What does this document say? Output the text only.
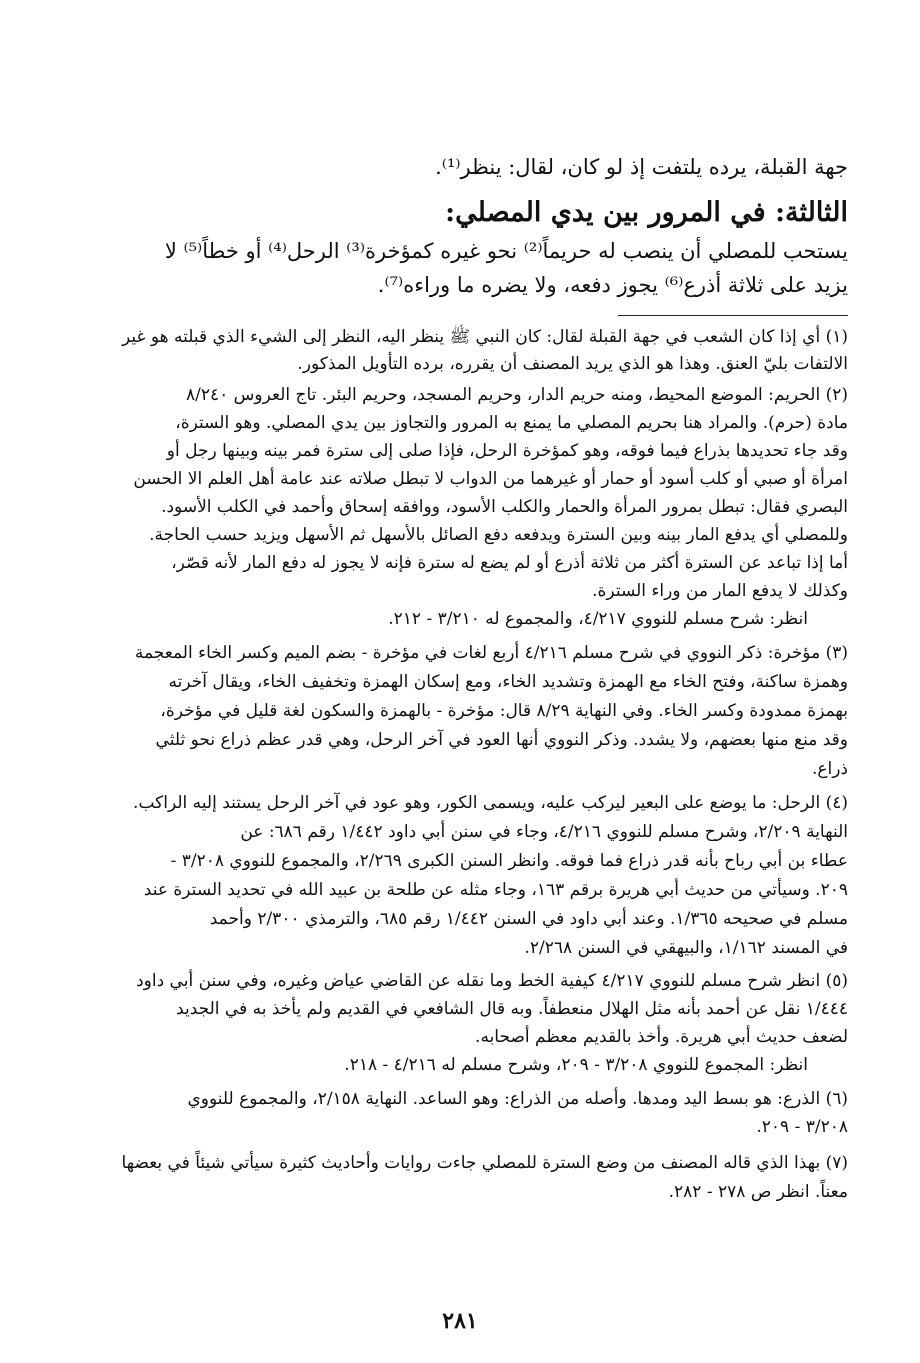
جهة القبلة، يرده يلتفت إذ لو كان، لقال: ينظر⁽¹⁾.
الثالثة: في المرور بين يدي المصلي:
يستحب للمصلي أن ينصب له حريماً⁽²⁾ نحو غيره كمؤخرة⁽³⁾ الرحل⁽⁴⁾ أو خطاً⁽⁵⁾ لا
يزيد على ثلاثة أذرع⁽⁶⁾ يجوز دفعه، ولا يضره ما وراءه⁽⁷⁾.
(١) أي إذا كان الشعب في جهة القبلة لقال: كان النبي ﷺ ينظر اليه، النظر إلى الشيء الذي قبلته هو غير
الالتفات بليّ العنق. وهذا هو الذي يريد المصنف أن يقرره، برده التأويل المذكور.
(٢) الحريم: الموضع المحيط، ومنه حريم الدار، وحريم المسجد، وحريم البئر. تاج العروس ٨/٢٤٠
مادة (حرم). والمراد هنا بحريم المصلي ما يمنع به المرور والتجاوز بين يدي المصلي. وهو السترة،
وقد جاء تحديدها بذراع فيما فوقه، وهو كمؤخرة الرحل، فإذا صلى إلى سترة فمر بينه وبينها رجل أو
امرأة أو صبي أو كلب أسود أو حمار أو غيرهما من الدواب لا تبطل صلاته عند عامة أهل العلم الا الحسن
البصري فقال: تبطل بمرور المرأة والحمار والكلب الأسود، ووافقه إسحاق وأحمد في الكلب الأسود.
وللمصلي أي يدفع المار بينه وبين السترة ويدفعه دفع الصائل بالأسهل ثم الأسهل ويزيد حسب الحاجة.
أما إذا تباعد عن السترة أكثر من ثلاثة أذرع أو لم يضع له سترة فإنه لا يجوز له دفع المار لأنه قصّر،
وكذلك لا يدفع المار من وراء السترة.
انظر: شرح مسلم للنووي ٤/٢١٧، والمجموع له ٣/٢١٠ - ٢١٢.
(٣) مؤخرة: ذكر النووي في شرح مسلم ٤/٢١٦ أربع لغات في مؤخرة - بضم الميم وكسر الخاء المعجمة
وهمزة ساكنة، وفتح الخاء مع الهمزة وتشديد الخاء، ومع إسكان الهمزة وتخفيف الخاء، ويقال آخرته
بهمزة ممدودة وكسر الخاء. وفي النهاية ٨/٢٩ قال: مؤخرة - بالهمزة والسكون لغة قليل في مؤخرة،
وقد منع منها بعضهم، ولا يشدد. وذكر النووي أنها العود في آخر الرحل، وهي قدر عظم ذراع نحو ثلثي
ذراع.
(٤) الرحل: ما يوضع على البعير ليركب عليه، ويسمى الكور، وهو عود في آخر الرحل يستند إليه الراكب.
النهاية ٢/٢٠٩، وشرح مسلم للنووي ٤/٢١٦، وجاء في سنن أبي داود ١/٤٤٢ رقم ٦٨٦: عن
عطاء بن أبي رباح بأنه قدر ذراع فما فوقه. وانظر السنن الكبرى ٢/٢٦٩، والمجموع للنووي ٣/٢٠٨ -
٢٠٩. وسيأتي من حديث أبي هريرة برقم ١٦٣، وجاء مثله عن طلحة بن عبيد الله في تحديد السترة عند
مسلم في صحيحه ١/٣٦٥. وعند أبي داود في السنن ١/٤٤٢ رقم ٦٨٥، والترمذي ٢/٣٠٠ وأحمد
في المسند ١/١٦٢، والبيهقي في السنن ٢/٢٦٨.
(٥) انظر شرح مسلم للنووي ٤/٢١٧ كيفية الخط وما نقله عن القاضي عياض وغيره، وفي سنن أبي داود
١/٤٤٤ نقل عن أحمد بأنه مثل الهلال منعطفاً. وبه قال الشافعي في القديم ولم يأخذ به في الجديد
لضعف حديث أبي هريرة. وأخذ بالقديم معظم أصحابه.
انظر: المجموع للنووي ٣/٢٠٨ - ٢٠٩، وشرح مسلم له ٤/٢١٦ - ٢١٨.
(٦) الذرع: هو بسط اليد ومدها. وأصله من الذراع: وهو الساعد. النهاية ٢/١٥٨، والمجموع للنووي
٣/٢٠٨ - ٢٠٩.
(٧) بهذا الذي قاله المصنف من وضع السترة للمصلي جاءت روايات وأحاديث كثيرة سيأتي شيئاً في بعضها
معناً. انظر ص ٢٧٨ - ٢٨٢.
٢٨١
